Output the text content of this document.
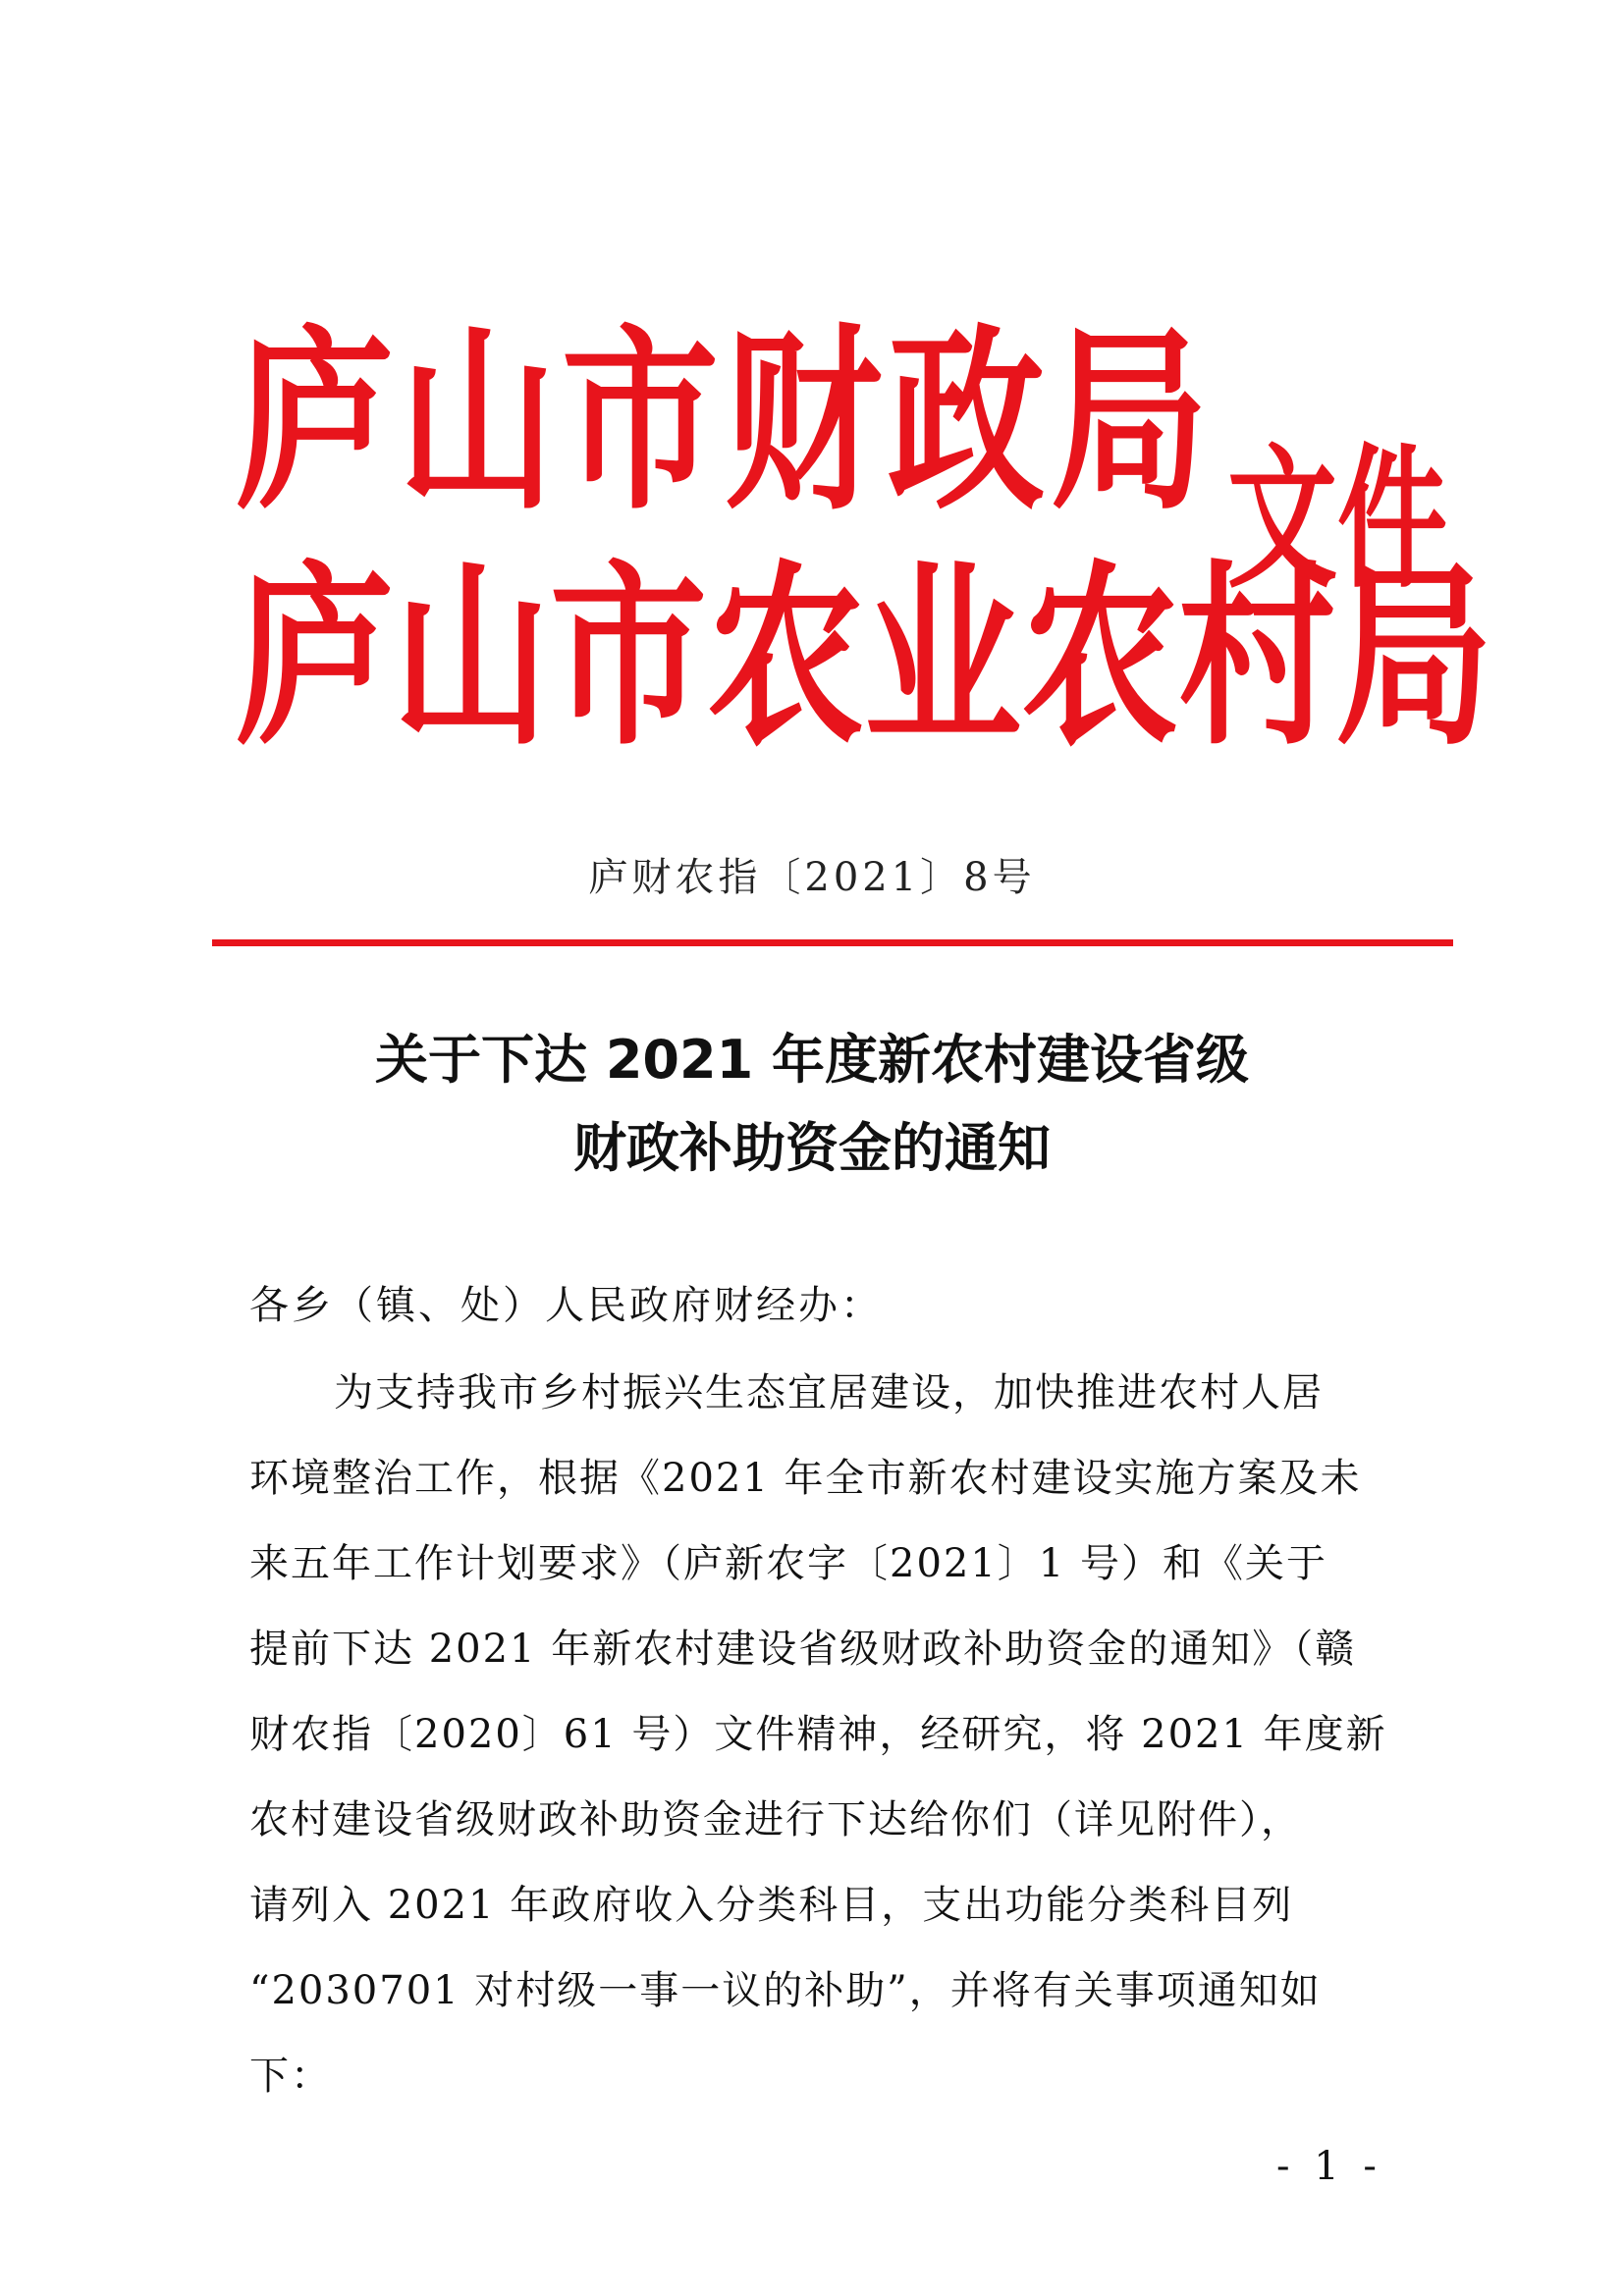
庐 山 市 财 政 局
庐 山 市 农 业 农 村 局
文件
庐财农指〔2021〕8号
关于下达 2021 年度新农村建设省级
财政补助资金的通知
各乡（镇、处）人民政府财经办：
为支持我市乡村振兴生态宜居建设，加快推进农村人居
环境整治工作，根据《2021 年全市新农村建设实施方案及未
来五年工作计划要求》（庐新农字〔2021〕1 号）和《关于
提前下达 2021 年新农村建设省级财政补助资金的通知》（赣
财农指〔2020〕61 号）文件精神，经研究，将 2021 年度新
农村建设省级财政补助资金进行下达给你们（详见附件），
请列入 2021 年政府收入分类科目，支出功能分类科目列
“2030701 对村级一事一议的补助”，并将有关事项通知如
下：
- 1 -
